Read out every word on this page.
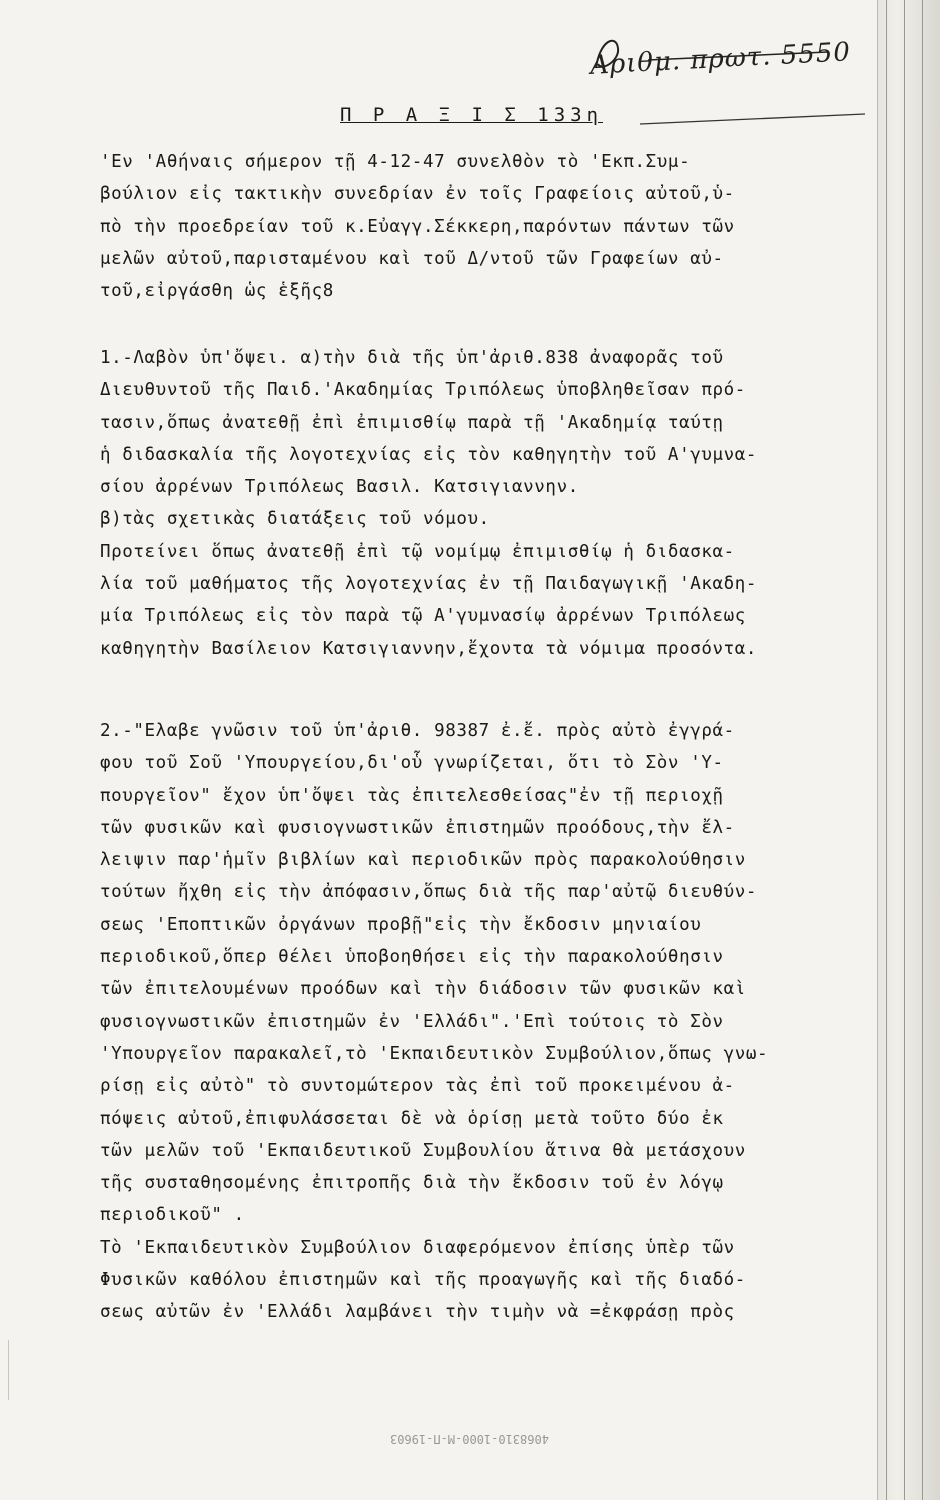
Αριθμ. πρωτ. 5550
Π Ρ Α Ξ Ι Σ 133η
'Εν 'Αθήναις σήμερον τῇ 4-12-47 συνελθὸν τὸ 'Εκπ.Συμ-
βούλιον εἰς τακτικὴν συνεδρίαν ἐν τοῖς Γραφείοις αὐτοῦ,ὑ-
πὸ τὴν προεδρείαν τοῦ κ.Εὐαγγ.Σέκκερη,παρόντων πάντων τῶν
μελῶν αὐτοῦ,παρισταμένου καὶ τοῦ Δ/ντοῦ τῶν Γραφείων αὐ-
τοῦ,εἰργάσθη ὡς ἑξῆς8
1.-Λαβὸν ὑπ'ὄψει. α)τὴν διὰ τῆς ὑπ'ἀριθ.838 ἀναφορᾶς τοῦ
Διευθυντοῦ τῆς Παιδ.'Ακαδημίας Τριπόλεως ὑποβληθεῖσαν πρό-
τασιν,ὅπως ἀνατεθῇ ἐπὶ ἐπιμισθίῳ παρὰ τῇ 'Ακαδημίᾳ ταύτῃ
ἡ διδασκαλία τῆς λογοτεχνίας εἰς τὸν καθηγητὴν τοῦ Α'γυμνα-
σίου ἀρρένων Τριπόλεως Βασιλ. Κατσιγιαννην.
β)τὰς σχετικὰς διατάξεις τοῦ νόμου.
Προτείνει ὅπως ἀνατεθῇ ἐπὶ τῷ νομίμῳ ἐπιμισθίῳ ἡ διδασκα-
λία τοῦ μαθήματος τῆς λογοτεχνίας ἐν τῇ Παιδαγωγικῇ 'Ακαδη-
μία Τριπόλεως εἰς τὸν παρὰ τῷ Α'γυμνασίῳ ἀρρένων Τριπόλεως
καθηγητὴν Βασίλειον Κατσιγιαννην,ἔχοντα τὰ νόμιμα προσόντα.
2.-"Ελαβε γνῶσιν τοῦ ὑπ'ἀριθ. 98387 ἐ.ἔ. πρὸς αὐτὸ ἐγγρά-
φου τοῦ Σοῦ 'Υπουργείου,δι'οὗ γνωρίζεται, ὅτι τὸ Σὸν 'Υ-
πουργεῖον" ἔχον ὑπ'ὄψει τὰς ἐπιτελεσθείσας"ἐν τῇ περιοχῇ
τῶν φυσικῶν καὶ φυσιογνωστικῶν ἐπιστημῶν προόδους,τὴν ἔλ-
λειψιν παρ'ἡμῖν βιβλίων καὶ περιοδικῶν πρὸς παρακολούθησιν
τούτων ἤχθη εἰς τὴν ἀπόφασιν,ὅπως διὰ τῆς παρ'αὐτῷ διευθύν-
σεως 'Εποπτικῶν ὀργάνων προβῇ"εἰς τὴν ἔκδοσιν μηνιαίου
περιοδικοῦ,ὅπερ θέλει ὑποβοηθήσει εἰς τὴν παρακολούθησιν
τῶν ἐπιτελουμένων προόδων καὶ τὴν διάδοσιν τῶν φυσικῶν καὶ
φυσιογνωστικῶν ἐπιστημῶν ἐν 'Ελλάδι".'Επὶ τούτοις τὸ Σὸν
'Υπουργεῖον παρακαλεῖ,τὸ 'Εκπαιδευτικὸν Συμβούλιον,ὅπως γνω-
ρίσῃ εἰς αὐτὸ" τὸ συντομώτερον τὰς ἐπὶ τοῦ προκειμένου ἀ-
πόψεις αὐτοῦ,ἐπιφυλάσσεται δὲ νὰ ὁρίσῃ μετὰ τοῦτο δύο ἐκ
τῶν μελῶν τοῦ 'Εκπαιδευτικοῦ Συμβουλίου ἅτινα θὰ μετάσχουν
τῆς συσταθησομένης ἐπιτροπῆς διὰ τὴν ἔκδοσιν τοῦ ἐν λόγῳ
περιοδικοῦ" .
Τὸ 'Εκπαιδευτικὸν Συμβούλιον διαφερόμενον ἐπίσης ὑπὲρ τῶν
Φυσικῶν καθόλου ἐπιστημῶν καὶ τῆς προαγωγῆς καὶ τῆς διαδό-
σεως αὐτῶν ἐν 'Ελλάδι λαμβάνει τὴν τιμὴν νὰ =ἐκφράσῃ πρὸς
4068310-1000-Μ-Π-19603
